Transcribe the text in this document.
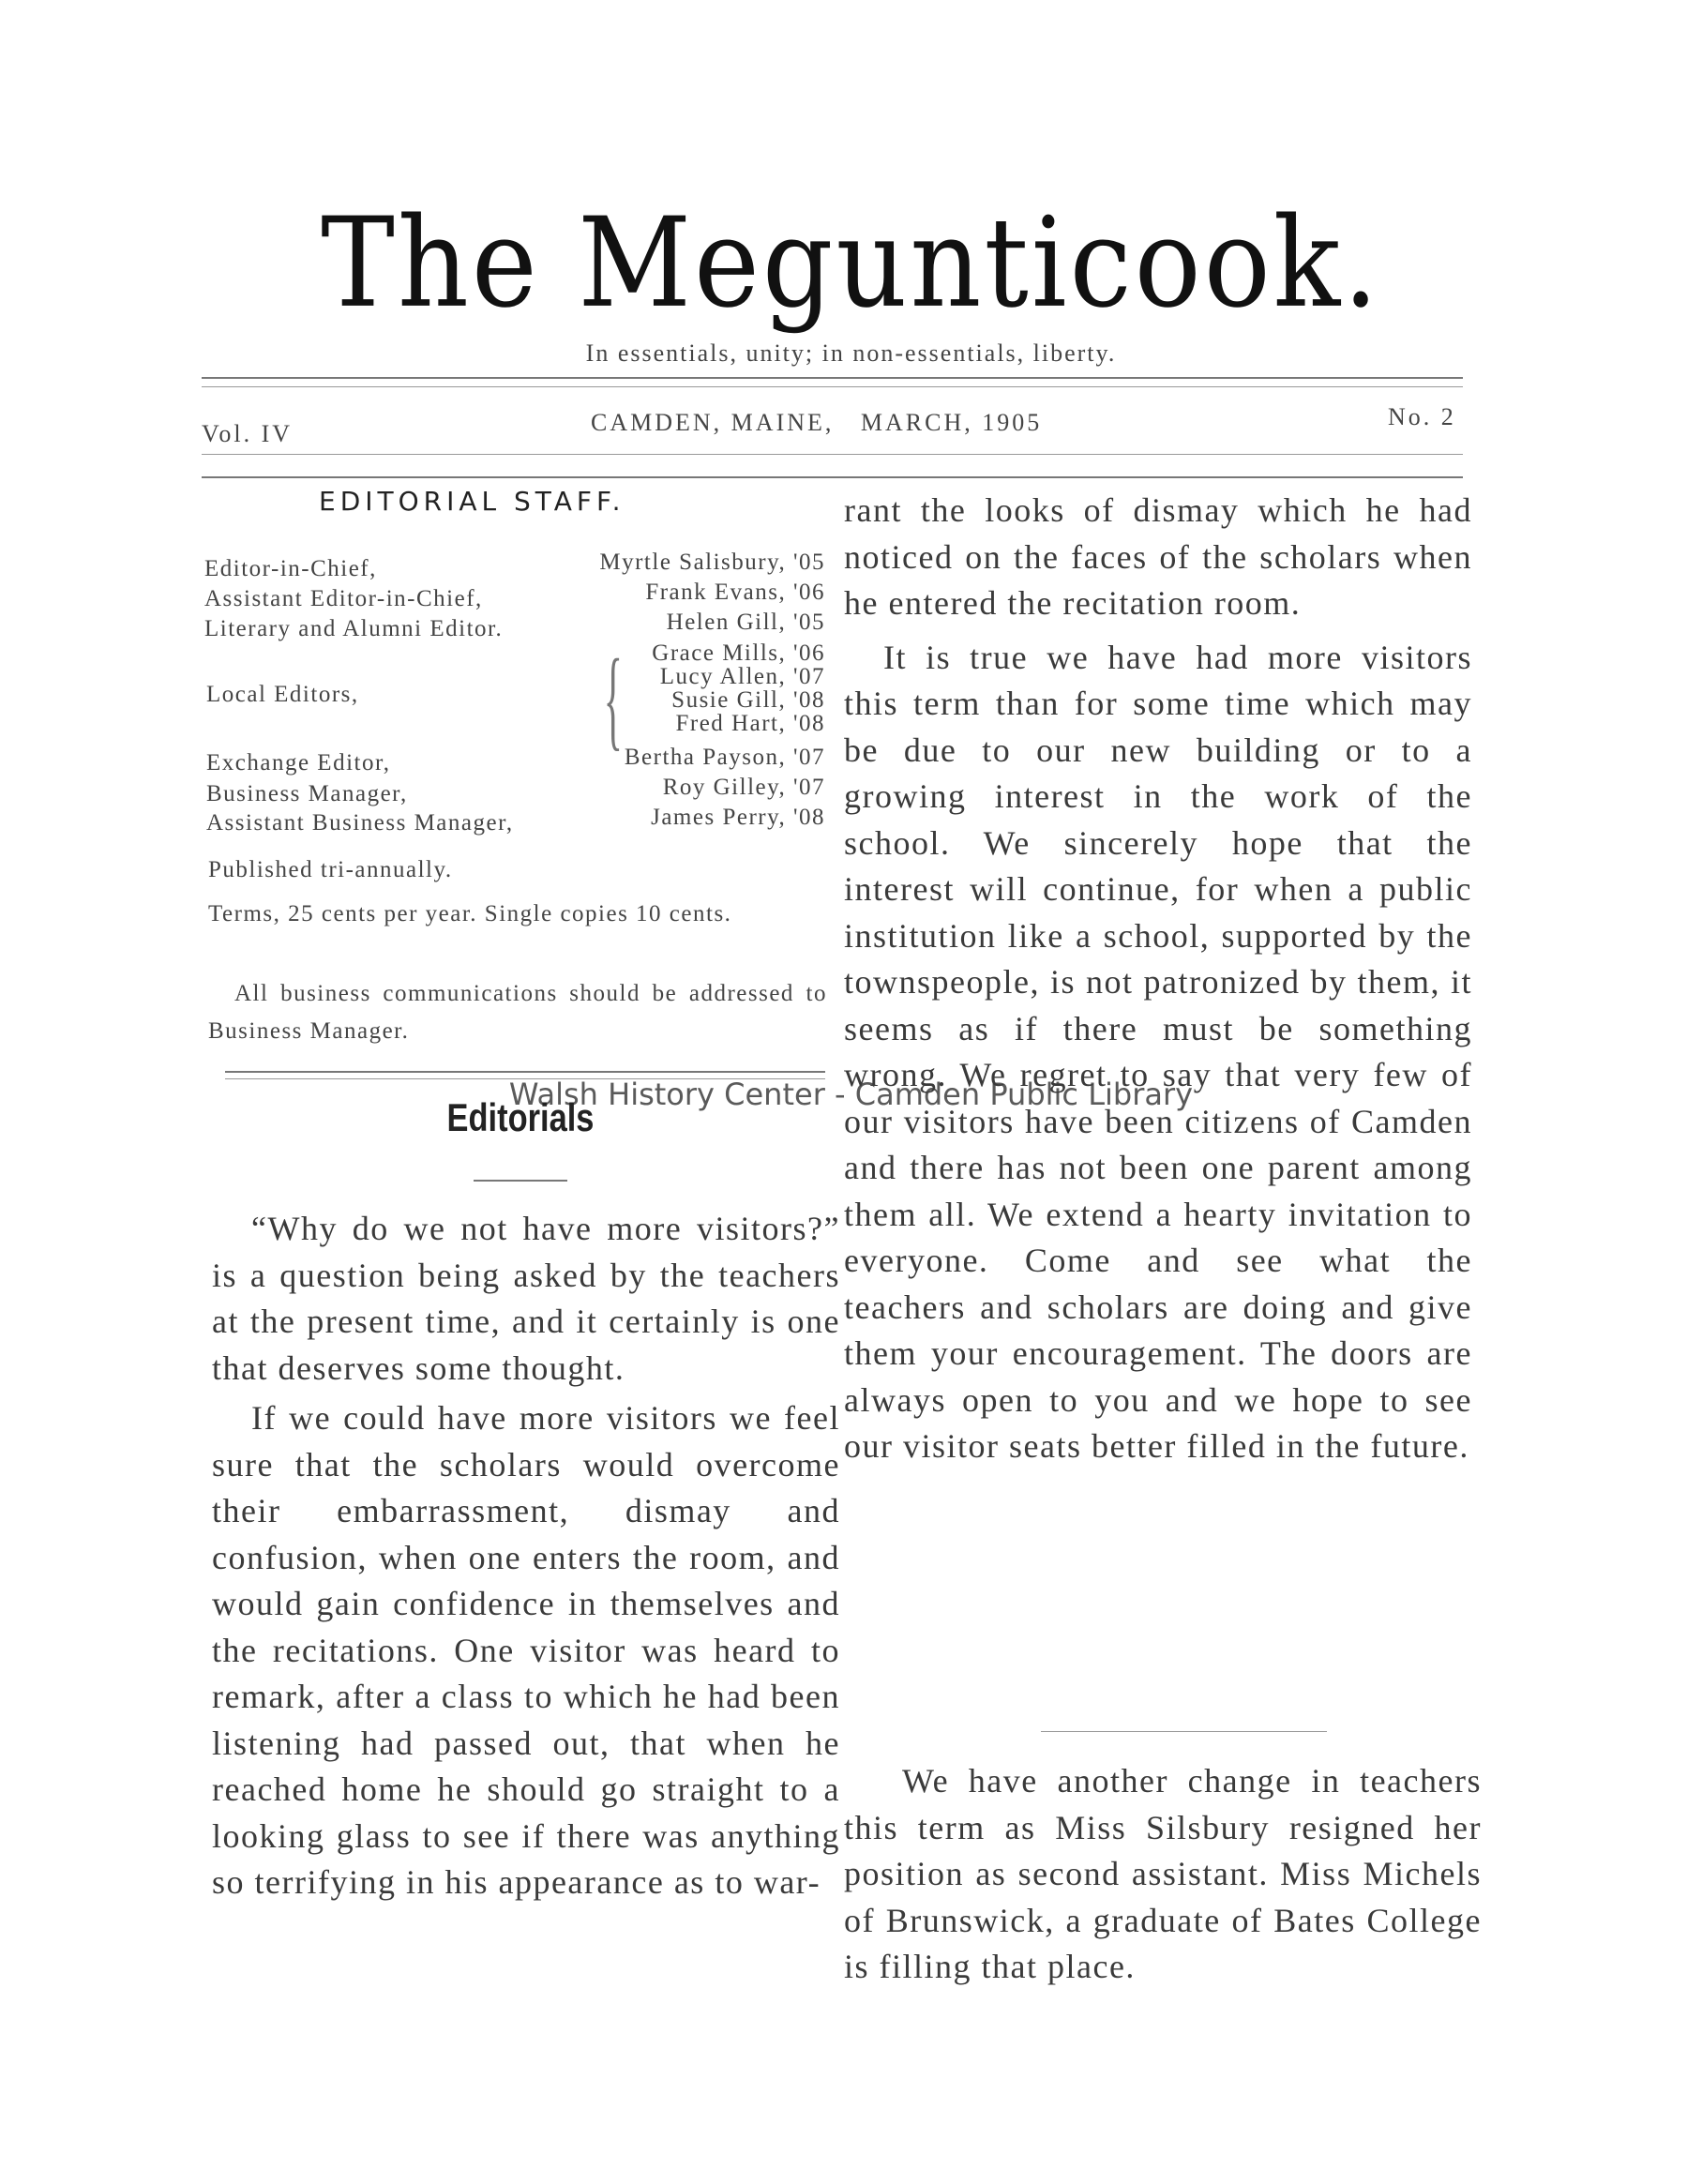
The Megunticook.
In essentials, unity; in non-essentials, liberty.
Vol. IV	CAMDEN, MAINE,   MARCH, 1905	No. 2
EDITORIAL STAFF.
Editor-in-Chief,	Myrtle Salisbury, '05
Assistant Editor-in-Chief,	Frank Evans, '06
Literary and Alumni Editor.	Helen Gill, '05
Local Editors, { Grace Mills, '06
Lucy Allen, '07
Susie Gill, '08
Fred Hart, '08
Exchange Editor,	Bertha Payson, '07
Business Manager,	Roy Gilley, '07
Assistant Business Manager,	James Perry, '08
Published tri-annually.
Terms, 25 cents per year. Single copies 10 cents.
All business communications should be addressed to Business Manager.
Walsh History Center - Camden Public Library
Editorials

“Why do we not have more visitors?” is a question being asked by the teachers at the present time, and it certainly is one that deserves some thought.

If we could have more visitors we feel sure that the scholars would overcome their embarrassment, dismay and confusion, when one enters the room, and would gain confidence in themselves and the recitations. One visitor was heard to remark, after a class to which he had been listening had passed out, that when he reached home he should go straight to a looking glass to see if there was anything so terrifying in his appearance as to war-

rant the looks of dismay which he had noticed on the faces of the scholars when he entered the recitation room.

It is true we have had more visitors this term than for some time which may be due to our new building or to a growing interest in the work of the school. We sincerely hope that the interest will continue, for when a public institution like a school, supported by the townspeople, is not patronized by them, it seems as if there must be something wrong. We regret to say that very few of our visitors have been citizens of Camden and there has not been one parent among them all. We extend a hearty invitation to everyone. Come and see what the teachers and scholars are doing and give them your encouragement. The doors are always open to you and we hope to see our visitor seats better filled in the future.

We have another change in teachers this term as Miss Silsbury resigned her position as second assistant. Miss Michels of Brunswick, a graduate of Bates College is filling that place.
